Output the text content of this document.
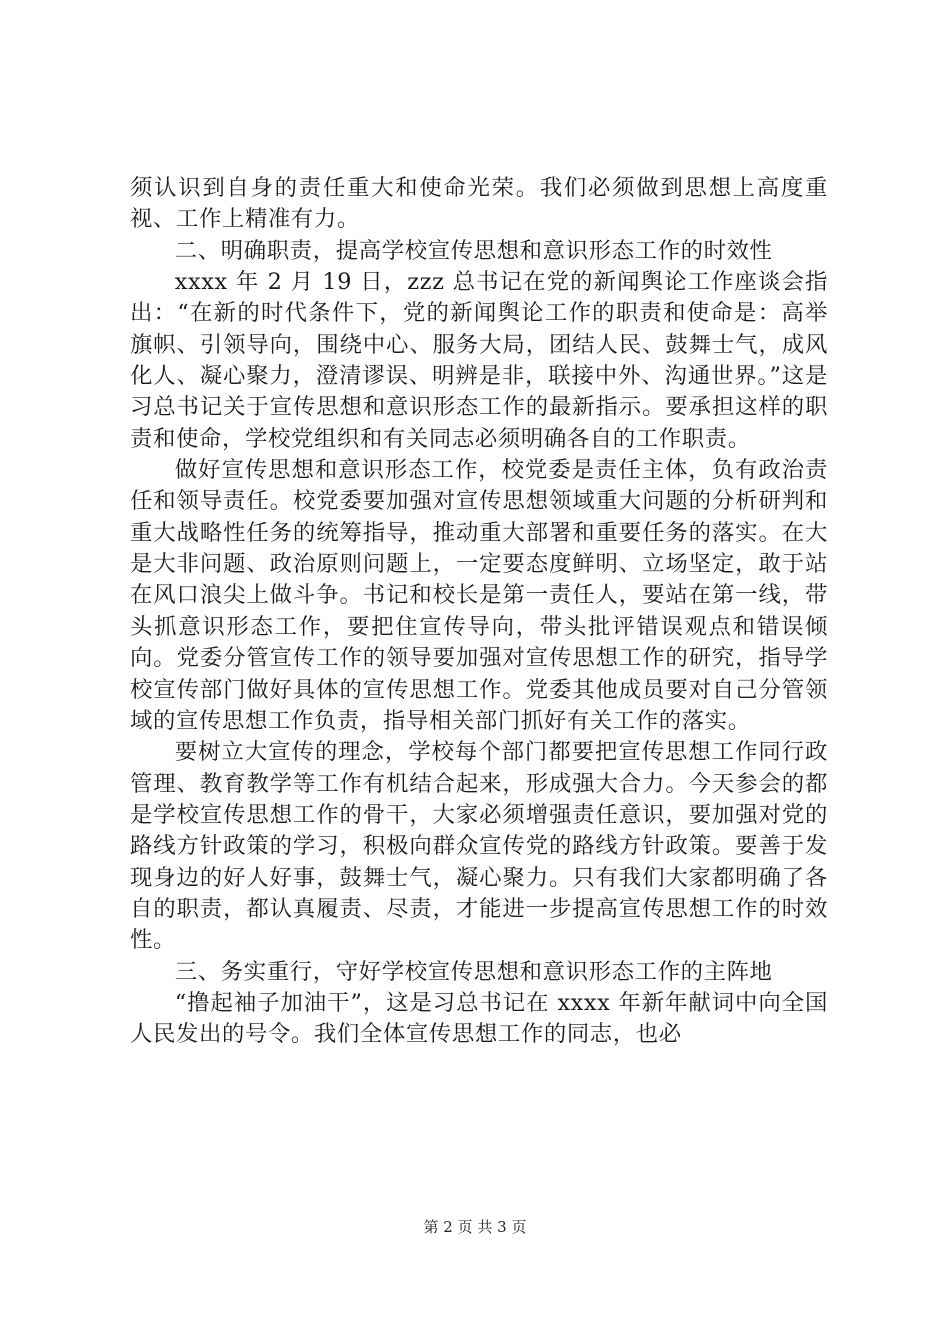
须认识到自身的责任重大和使命光荣。我们必须做到思想上高度重视、工作上精准有力。

二、明确职责，提高学校宣传思想和意识形态工作的时效性

xxxx 年 2 月 19 日，zzz 总书记在党的新闻舆论工作座谈会指出：“在新的时代条件下，党的新闻舆论工作的职责和使命是：高举旗帜、引领导向，围绕中心、服务大局，团结人民、鼓舞士气，成风化人、凝心聚力，澄清谬误、明辨是非，联接中外、沟通世界。”这是习总书记关于宣传思想和意识形态工作的最新指示。要承担这样的职责和使命，学校党组织和有关同志必须明确各自的工作职责。

做好宣传思想和意识形态工作，校党委是责任主体，负有政治责任和领导责任。校党委要加强对宣传思想领域重大问题的分析研判和重大战略性任务的统筹指导，推动重大部署和重要任务的落实。在大是大非问题、政治原则问题上，一定要态度鲜明、立场坚定，敢于站在风口浪尖上做斗争。书记和校长是第一责任人，要站在第一线，带头抓意识形态工作，要把住宣传导向，带头批评错误观点和错误倾向。党委分管宣传工作的领导要加强对宣传思想工作的研究，指导学校宣传部门做好具体的宣传思想工作。党委其他成员要对自己分管领域的宣传思想工作负责，指导相关部门抓好有关工作的落实。

要树立大宣传的理念，学校每个部门都要把宣传思想工作同行政管理、教育教学等工作有机结合起来，形成强大合力。今天参会的都是学校宣传思想工作的骨干，大家必须增强责任意识，要加强对党的路线方针政策的学习，积极向群众宣传党的路线方针政策。要善于发现身边的好人好事，鼓舞士气，凝心聚力。只有我们大家都明确了各自的职责，都认真履责、尽责，才能进一步提高宣传思想工作的时效性。

三、务实重行，守好学校宣传思想和意识形态工作的主阵地

“撸起袖子加油干”，这是习总书记在 xxxx 年新年献词中向全国人民发出的号令。我们全体宣传思想工作的同志，也必

第 2 页 共 3 页
